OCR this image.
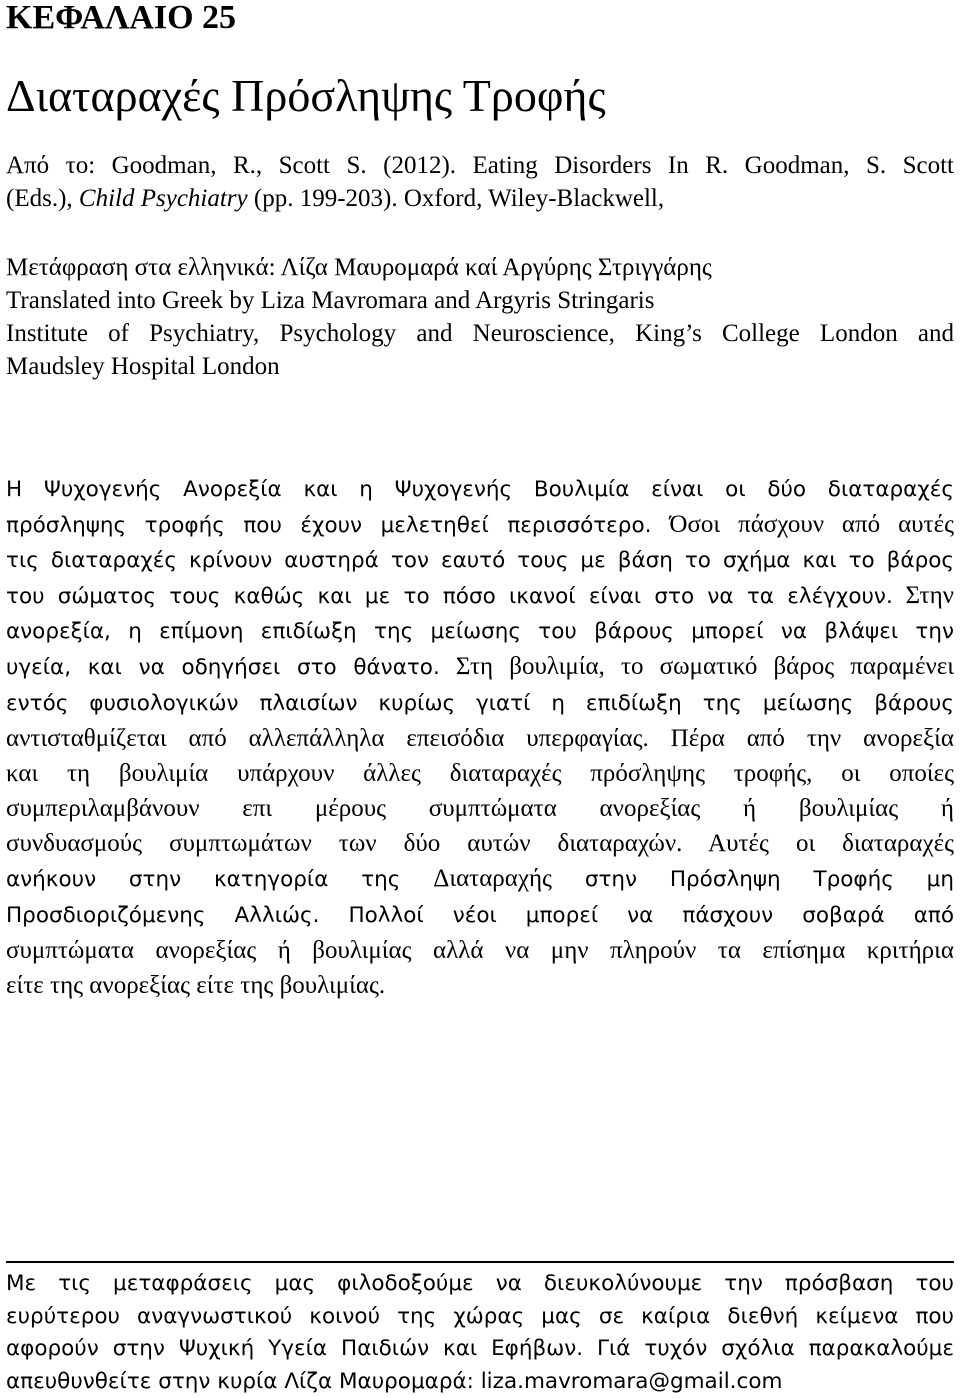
ΚΕΦΑΛΑΙΟ 25
Διαταραχές Πρόσληψης Τροφής
Από το: Goodman, R., Scott S. (2012). Eating Disorders In R. Goodman, S. Scott
(Eds.), Child Psychiatry (pp. 199-203). Oxford, Wiley-Blackwell,
Μετάφραση στα ελληνικά: Λίζα Μαυρομαρά καί Αργύρης Στριγγάρης
Translated into Greek by Liza Mavromara and Argyris Stringaris
Institute of Psychiatry, Psychology and Neuroscience, King’s College London and
Maudsley Hospital London
Η Ψυχογενής Ανορεξία και η Ψυχογενής Βουλιμία είναι οι δύο διαταραχές
πρόσληψης τροφής που έχουν μελετηθεί περισσότερο. Όσοι πάσχουν από αυτές
τις διαταραχές κρίνουν αυστηρά τον εαυτό τους με βάση το σχήμα και το βάρος
του σώματος τους καθώς και με το πόσο ικανοί είναι στο να τα ελέγχουν. Στην
ανορεξία, η επίμονη επιδίωξη της μείωσης του βάρους μπορεί να βλάψει την
υγεία, και να οδηγήσει στο θάνατο. Στη βουλιμία, το σωματικό βάρος παραμένει
εντός φυσιολογικών πλαισίων κυρίως γιατί η επιδίωξη της μείωσης βάρους
αντισταθμίζεται από αλλεπάλληλα επεισόδια υπερφαγίας. Πέρα από την ανορεξία
και τη βουλιμία υπάρχουν άλλες διαταραχές πρόσληψης τροφής, οι οποίες
συμπεριλαμβάνουν επι μέρους συμπτώματα ανορεξίας ή βουλιμίας ή
συνδυασμούς συμπτωμάτων των δύο αυτών διαταραχών. Αυτές οι διαταραχές
ανήκουν στην κατηγορία της Διαταραχής στην Πρόσληψη Τροφής μη
Προσδιοριζόμενης Αλλιώς. Πολλοί νέοι μπορεί να πάσχουν σοβαρά από
συμπτώματα ανορεξίας ή βουλιμίας αλλά να μην πληρούν τα επίσημα κριτήρια
είτε της ανορεξίας είτε της βουλιμίας.
Με τις μεταφράσεις μας φιλοδοξούμε να διευκολύνουμε την πρόσβαση του
ευρύτερου αναγνωστικού κοινού της χώρας μας σε καίρια διεθνή κείμενα που
αφορούν στην Ψυχική Υγεία Παιδιών και Εφήβων. Γιά τυχόν σχόλια παρακαλούμε
απευθυνθείτε στην κυρία Λίζα Μαυρομαρά: liza.mavromara@gmail.com
